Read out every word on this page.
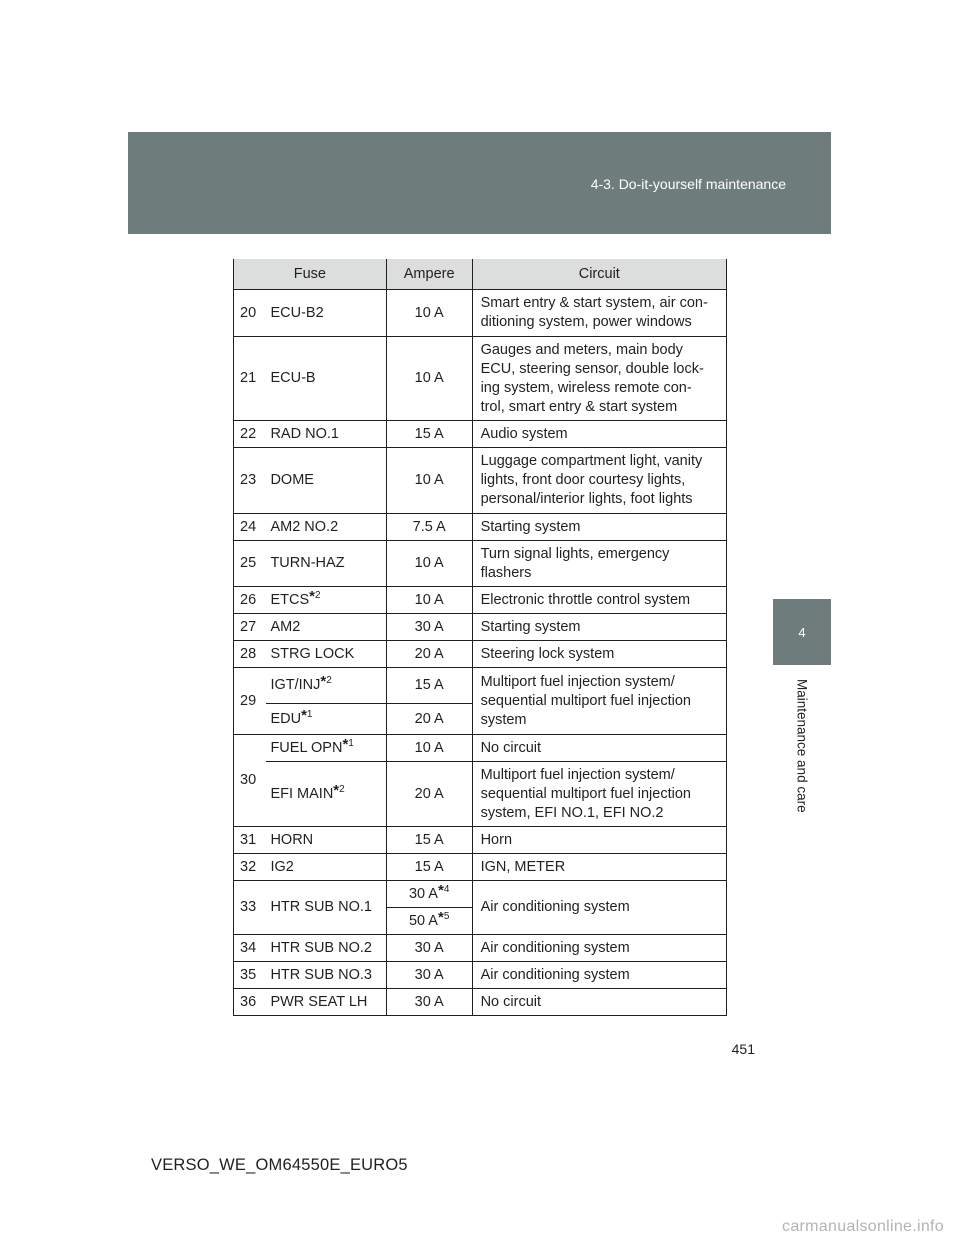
4-3. Do-it-yourself maintenance
4
Maintenance and care
Fuse		Ampere	Circuit
20	ECU-B2	10 A	Smart entry & start system, air con-
ditioning system, power windows
21	ECU-B	10 A	Gauges and meters, main body
ECU, steering sensor, double lock-
ing system, wireless remote con-
trol, smart entry & start system
22	RAD NO.1	15 A	Audio system
23	DOME	10 A	Luggage compartment light, vanity
lights, front door courtesy lights,
personal/interior lights, foot lights
24	AM2 NO.2	7.5 A	Starting system
25	TURN-HAZ	10 A	Turn signal lights, emergency
flashers
26	ETCS$^{*2}$	10 A	Electronic throttle control system
27	AM2	30 A	Starting system
28	STRG LOCK	20 A	Steering lock system
29	IGT/INJ$^{*2}$	15 A	Multiport fuel injection system/
sequential multiport fuel injection
system
	EDU$^{*1}$	20 A	
30	FUEL OPN$^{*1}$	10 A	No circuit
	EFI MAIN$^{*2}$	20 A	Multiport fuel injection system/
sequential multiport fuel injection
system, EFI NO.1, EFI NO.2
31	HORN	15 A	Horn
32	IG2	15 A	IGN, METER
33	HTR SUB NO.1	30 $A^{*4}$	Air conditioning system
		50 $A^{*5}$
34	HTR SUB NO.2	30 A	Air conditioning system
35	HTR SUB NO.3	30 A	Air conditioning system
36	PWR SEAT LH	30 A	No circuit
451
VERSO_WE_OM64550E_EURO5
carmanualsonline.info
